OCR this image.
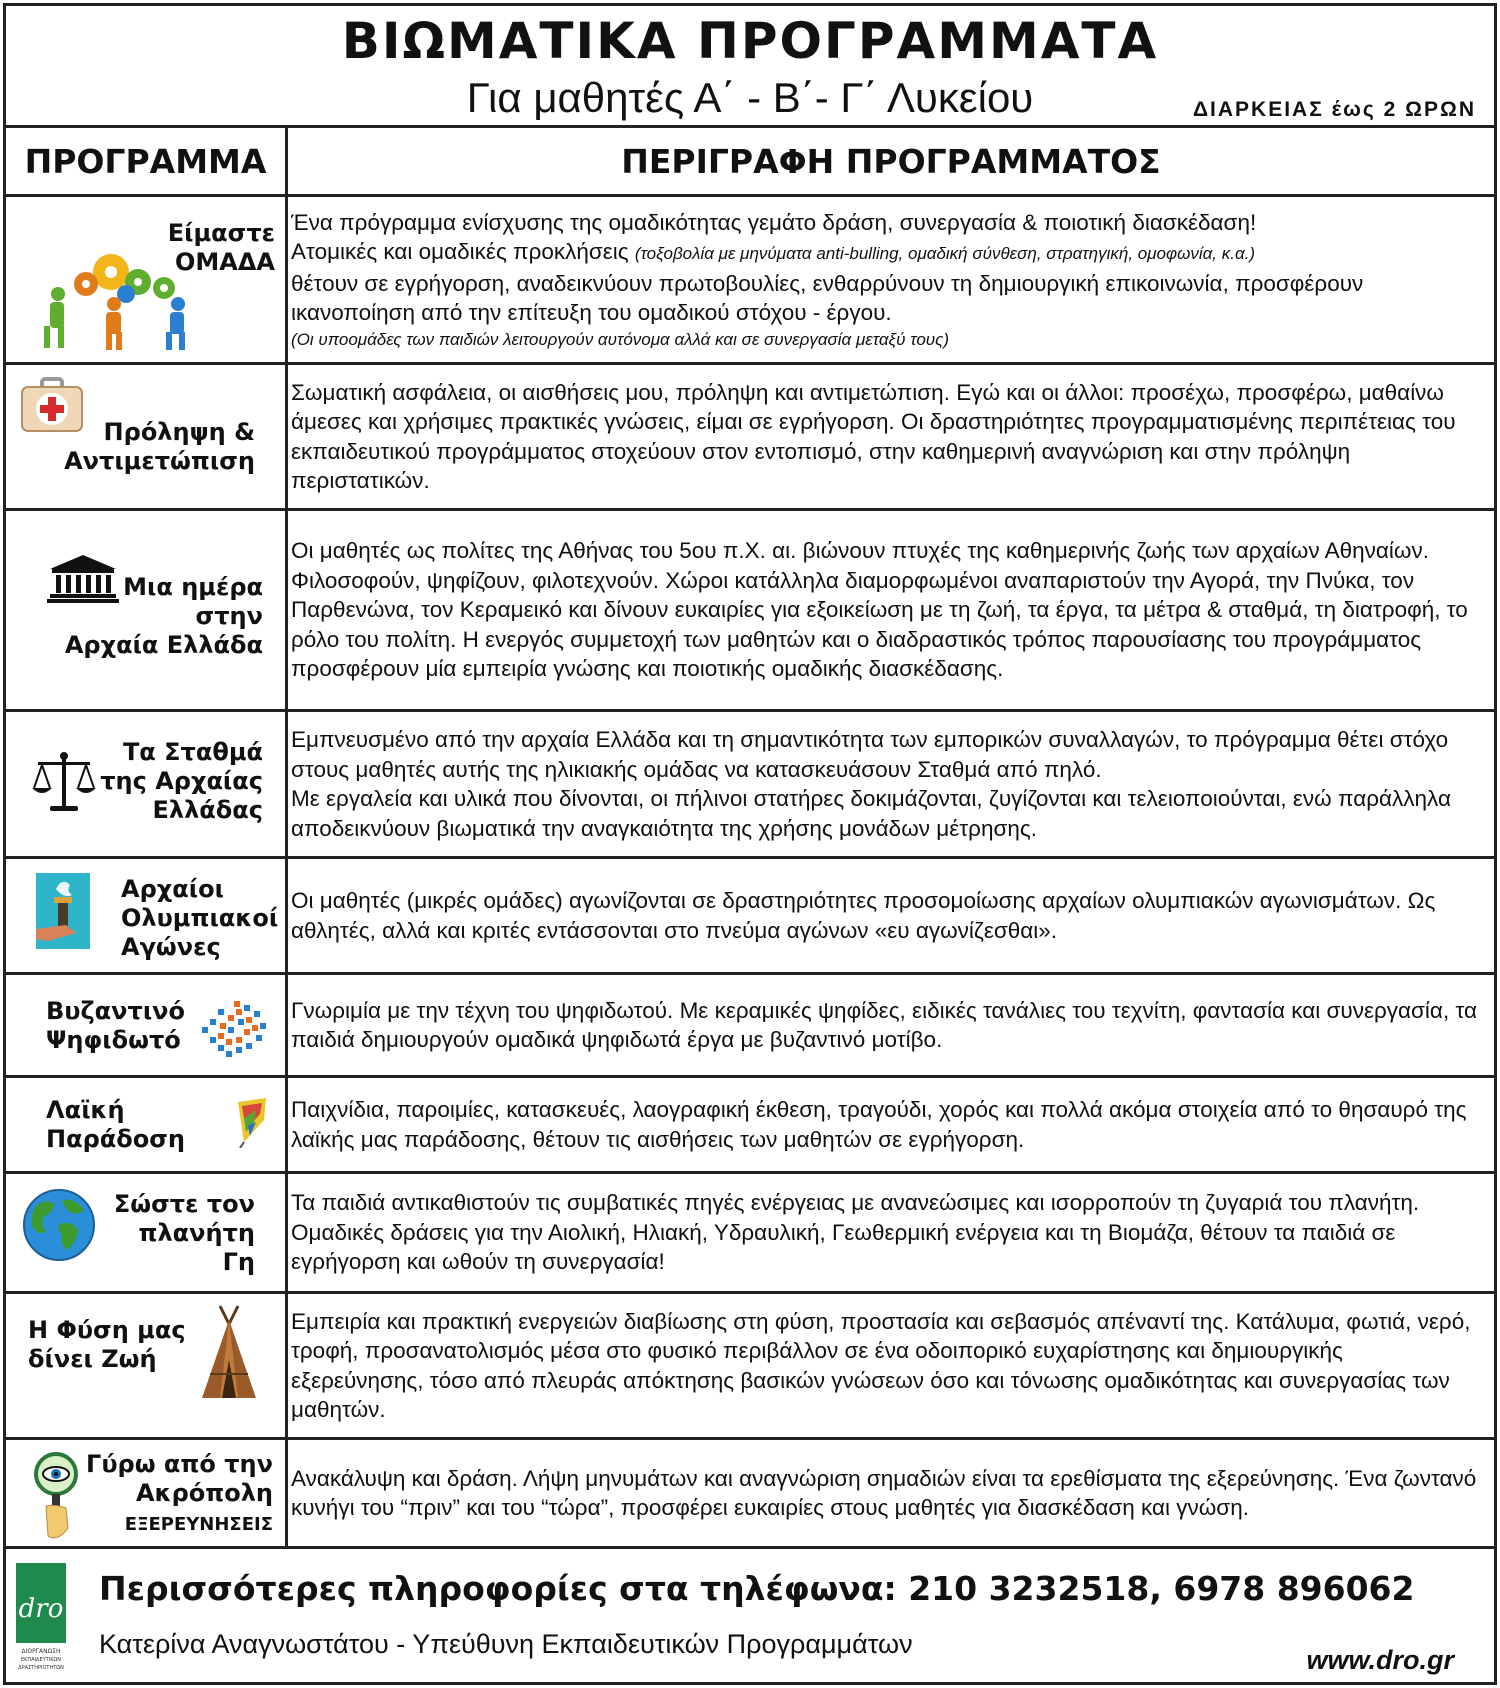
ΒΙΩΜΑΤΙΚΑ ΠΡΟΓΡΑΜΜΑΤΑ
Για μαθητές Α΄ - Β΄- Γ΄ Λυκείου	ΔΙΑΡΚΕΙΑΣ έως 2 ΩΡΩΝ
ΠΡΟΓΡΑΜΜΑ	ΠΕΡΙΓΡΑΦΗ ΠΡΟΓΡΑΜΜΑΤΟΣ
Είμαστε
ΟΜΑΔΑ
Ένα πρόγραμμα ενίσχυσης της ομαδικότητας γεμάτο δράση, συνεργασία & ποιοτική διασκέδαση!
Ατομικές και ομαδικές προκλήσεις (τοξοβολία με μηνύματα anti-bulling, ομαδική σύνθεση, στρατηγική, ομοφωνία, κ.α.)
θέτουν σε εγρήγορση, αναδεικνύουν πρωτοβουλίες, ενθαρρύνουν τη δημιουργική επικοινωνία, προσφέρουν ικανοποίηση από την επίτευξη του ομαδικού στόχου - έργου.
(Οι υποομάδες των παιδιών λειτουργούν αυτόνομα αλλά και σε συνεργασία μεταξύ τους)
Πρόληψη &
Αντιμετώπιση
Σωματική ασφάλεια, οι αισθήσεις μου, πρόληψη και αντιμετώπιση. Εγώ και οι άλλοι: προσέχω, προσφέρω, μαθαίνω άμεσες και χρήσιμες πρακτικές γνώσεις, είμαι σε εγρήγορση. Οι δραστηριότητες προγραμματισμένης περιπέτειας του εκπαιδευτικού προγράμματος στοχεύουν στον εντοπισμό, στην καθημερινή αναγνώριση και στην πρόληψη περιστατικών.
Μια ημέρα
στην
Αρχαία Ελλάδα
Οι μαθητές ως πολίτες της Αθήνας του 5ου π.Χ. αι. βιώνουν πτυχές της καθημερινής ζωής των αρχαίων Αθηναίων. Φιλοσοφούν, ψηφίζουν, φιλοτεχνούν. Χώροι κατάλληλα διαμορφωμένοι αναπαριστούν την Αγορά, την Πνύκα, τον Παρθενώνα, τον Κεραμεικό και δίνουν ευκαιρίες για εξοικείωση με τη ζωή, τα έργα, τα μέτρα & σταθμά, τη διατροφή, το ρόλο του πολίτη. Η ενεργός συμμετοχή των μαθητών και ο διαδραστικός τρόπος παρουσίασης του προγράμματος προσφέρουν μία εμπειρία γνώσης και ποιοτικής ομαδικής διασκέδασης.
Τα Σταθμά
της Αρχαίας
Ελλάδας
Εμπνευσμένο από την αρχαία Ελλάδα και τη σημαντικότητα των εμπορικών συναλλαγών, το πρόγραμμα θέτει στόχο στους μαθητές αυτής της ηλικιακής ομάδας να κατασκευάσουν Σταθμά από πηλό.
Με εργαλεία και υλικά που δίνονται, οι πήλινοι στατήρες δοκιμάζονται, ζυγίζονται και τελειοποιούνται, ενώ παράλληλα αποδεικνύουν βιωματικά την αναγκαιότητα της χρήσης μονάδων μέτρησης.
Αρχαίοι
Ολυμπιακοί
Αγώνες
Οι μαθητές (μικρές ομάδες) αγωνίζονται σε δραστηριότητες προσομοίωσης αρχαίων ολυμπιακών αγωνισμάτων. Ως αθλητές, αλλά και κριτές εντάσσονται στο πνεύμα αγώνων «ευ αγωνίζεσθαι».
Βυζαντινό
Ψηφιδωτό
Γνωριμία με την τέχνη του ψηφιδωτού. Με κεραμικές ψηφίδες, ειδικές τανάλιες του τεχνίτη, φαντασία και συνεργασία, τα παιδιά δημιουργούν ομαδικά ψηφιδωτά έργα με βυζαντινό μοτίβο.
Λαϊκή
Παράδοση
Παιχνίδια, παροιμίες, κατασκευές, λαογραφική έκθεση, τραγούδι, χορός και πολλά ακόμα στοιχεία από το θησαυρό της λαϊκής μας παράδοσης, θέτουν τις αισθήσεις των μαθητών σε εγρήγορση.
Σώστε τον
πλανήτη
Γη
Τα παιδιά αντικαθιστούν τις συμβατικές πηγές ενέργειας με ανανεώσιμες και ισορροπούν τη ζυγαριά του πλανήτη. Ομαδικές δράσεις για την Αιολική, Ηλιακή, Υδραυλική, Γεωθερμική ενέργεια και τη Βιομάζα, θέτουν τα παιδιά σε εγρήγορση και ωθούν τη συνεργασία!
Η Φύση μας
δίνει Ζωή
Εμπειρία και πρακτική ενεργειών διαβίωσης στη φύση, προστασία και σεβασμός απέναντί της. Κατάλυμα, φωτιά, νερό, τροφή, προσανατολισμός μέσα στο φυσικό περιβάλλον σε ένα οδοιπορικό ευχαρίστησης και δημιουργικής εξερεύνησης, τόσο από πλευράς απόκτησης βασικών γνώσεων όσο και τόνωσης ομαδικότητας και συνεργασίας των μαθητών.
Γύρω από την
Ακρόπολη
ΕΞΕΡΕΥΝΗΣΕΙΣ
Ανακάλυψη και δράση. Λήψη μηνυμάτων και αναγνώριση σημαδιών είναι τα ερεθίσματα της εξερεύνησης. Ένα ζωντανό κυνήγι του “πριν” και του “τώρα”, προσφέρει ευκαιρίες στους μαθητές για διασκέδαση και γνώση.
dro
ΔΙΟΡΓΑΝΩΣΗ
ΕΚΠΑΙΔΕΥΤΙΚΩΝ
ΔΡΑΣΤΗΡΙΟΤΗΤΩΝ
Περισσότερες πληροφορίες στα τηλέφωνα: 210 3232518, 6978 896062
Κατερίνα Αναγνωστάτου - Υπεύθυνη Εκπαιδευτικών Προγραμμάτων
www.dro.gr
